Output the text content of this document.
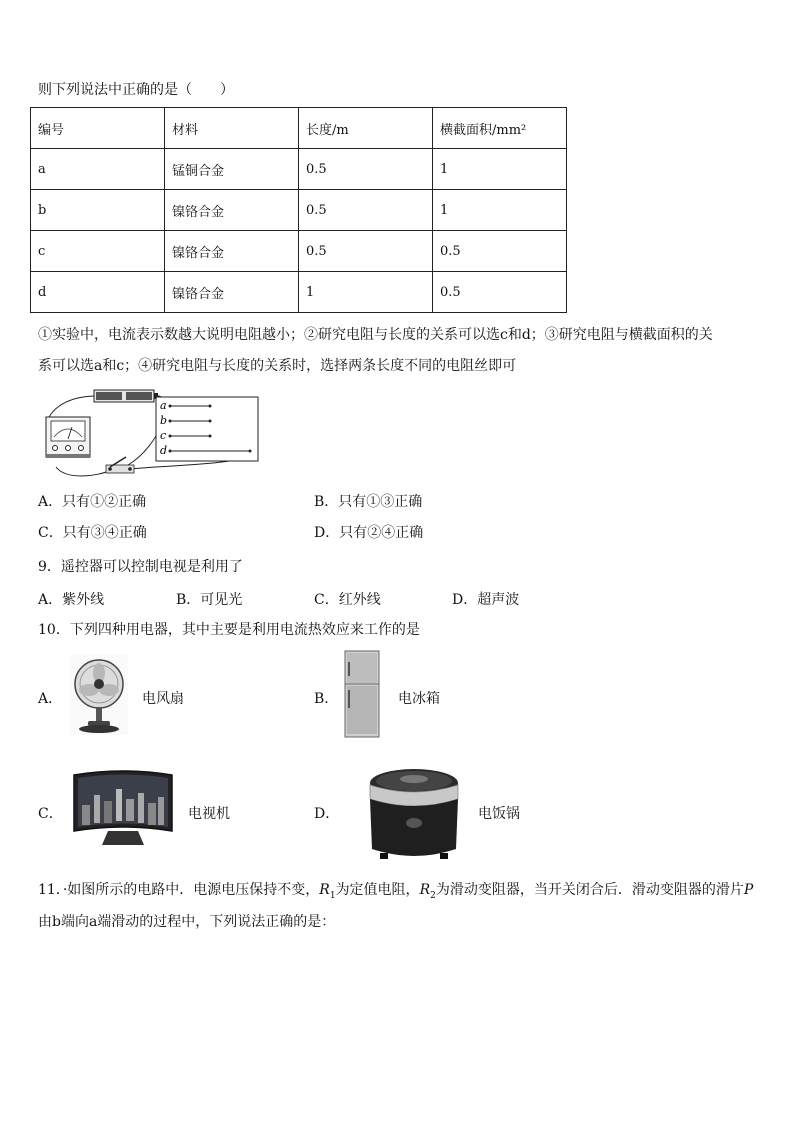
则下列说法中正确的是（　　）
编号	材料	长度/m	横截面积/mm²
a	锰铜合金	0.5	1
b	镍铬合金	0.5	1
c	镍铬合金	0.5	0.5
d	镍铬合金	1	0.5
①实验中，电流表示数越大说明电阻越小；②研究电阻与长度的关系可以选c和d；③研究电阻与横截面积的关
系可以选a和c；④研究电阻与长度的关系时，选择两条长度不同的电阻丝即可
a
b
c
d
A．只有①②正确	B．只有①③正确
C．只有③④正确	D．只有②④正确
9．遥控器可以控制电视是利用了
A．紫外线	B．可见光	C．红外线	D．超声波
10．下列四种用电器，其中主要是利用电流热效应来工作的是
A．	电风扇	B．	电冰箱
C．	电视机	D．	电饭锅
11．·如图所示的电路中．电源电压保持不变，$R_1$为定值电阻，$R_2$为滑动变阻器，当开关闭合后．滑动变阻器的滑片P
由b端向a端滑动的过程中，下列说法正确的是：
